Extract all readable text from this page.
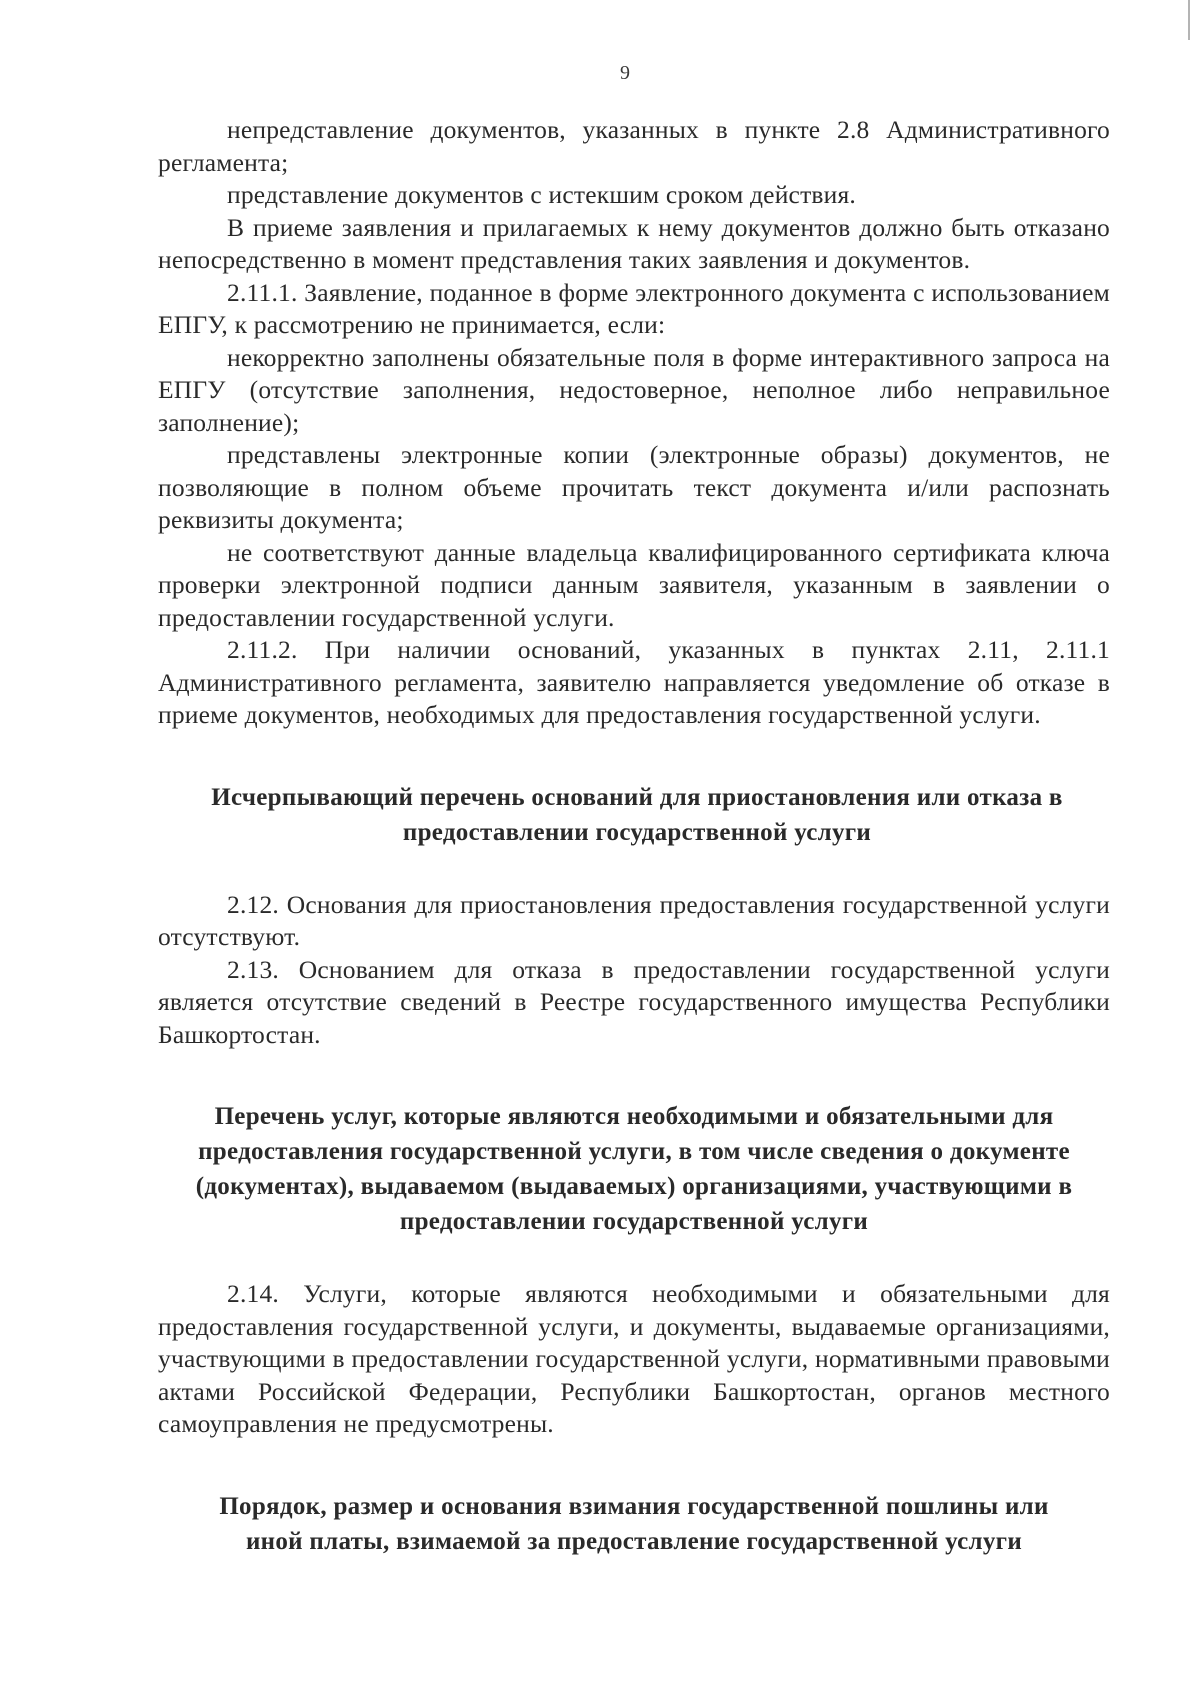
9

непредставление документов, указанных в пункте 2.8 Административного регламента;

представление документов с истекшим сроком действия.

В приеме заявления и прилагаемых к нему документов должно быть отказано непосредственно в момент представления таких заявления и документов.

2.11.1. Заявление, поданное в форме электронного документа с использованием ЕПГУ, к рассмотрению не принимается, если:

некорректно заполнены обязательные поля в форме интерактивного запроса на ЕПГУ (отсутствие заполнения, недостоверное, неполное либо неправильное заполнение);

представлены электронные копии (электронные образы) документов, не позволяющие в полном объеме прочитать текст документа и/или распознать реквизиты документа;

не соответствуют данные владельца квалифицированного сертификата ключа проверки электронной подписи данным заявителя, указанным в заявлении о предоставлении государственной услуги.

2.11.2. При наличии оснований, указанных в пунктах 2.11, 2.11.1 Административного регламента, заявителю направляется уведомление об отказе в приеме документов, необходимых для предоставления государственной услуги.

Исчерпывающий перечень оснований для приостановления или отказа в предоставлении государственной услуги

2.12. Основания для приостановления предоставления государственной услуги отсутствуют.

2.13. Основанием для отказа в предоставлении государственной услуги является отсутствие сведений в Реестре государственного имущества Республики Башкортостан.

Перечень услуг, которые являются необходимыми и обязательными для предоставления государственной услуги, в том числе сведения о документе (документах), выдаваемом (выдаваемых) организациями, участвующими в предоставлении государственной услуги

2.14. Услуги, которые являются необходимыми и обязательными для предоставления государственной услуги, и документы, выдаваемые организациями, участвующими в предоставлении государственной услуги, нормативными правовыми актами Российской Федерации, Республики Башкортостан, органов местного самоуправления не предусмотрены.

Порядок, размер и основания взимания государственной пошлины или иной платы, взимаемой за предоставление государственной услуги
